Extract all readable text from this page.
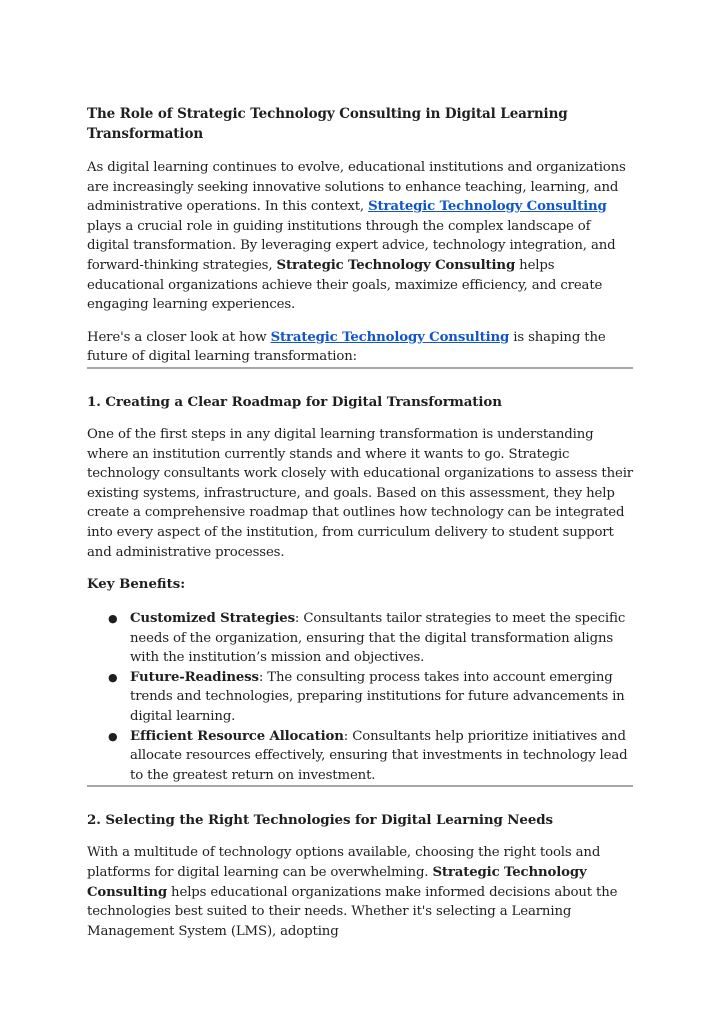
The Role of Strategic Technology Consulting in Digital Learning Transformation

As digital learning continues to evolve, educational institutions and organizations are increasingly seeking innovative solutions to enhance teaching, learning, and administrative operations. In this context, Strategic Technology Consulting plays a crucial role in guiding institutions through the complex landscape of digital transformation. By leveraging expert advice, technology integration, and forward-thinking strategies, Strategic Technology Consulting helps educational organizations achieve their goals, maximize efficiency, and create engaging learning experiences.

Here's a closer look at how Strategic Technology Consulting is shaping the future of digital learning transformation:

1. Creating a Clear Roadmap for Digital Transformation

One of the first steps in any digital learning transformation is understanding where an institution currently stands and where it wants to go. Strategic technology consultants work closely with educational organizations to assess their existing systems, infrastructure, and goals. Based on this assessment, they help create a comprehensive roadmap that outlines how technology can be integrated into every aspect of the institution, from curriculum delivery to student support and administrative processes.

Key Benefits:
● Customized Strategies: Consultants tailor strategies to meet the specific needs of the organization, ensuring that the digital transformation aligns with the institution’s mission and objectives.
● Future-Readiness: The consulting process takes into account emerging trends and technologies, preparing institutions for future advancements in digital learning.
● Efficient Resource Allocation: Consultants help prioritize initiatives and allocate resources effectively, ensuring that investments in technology lead to the greatest return on investment.
2. Selecting the Right Technologies for Digital Learning Needs

With a multitude of technology options available, choosing the right tools and platforms for digital learning can be overwhelming. Strategic Technology Consulting helps educational organizations make informed decisions about the technologies best suited to their needs. Whether it's selecting a Learning Management System (LMS), adopting
